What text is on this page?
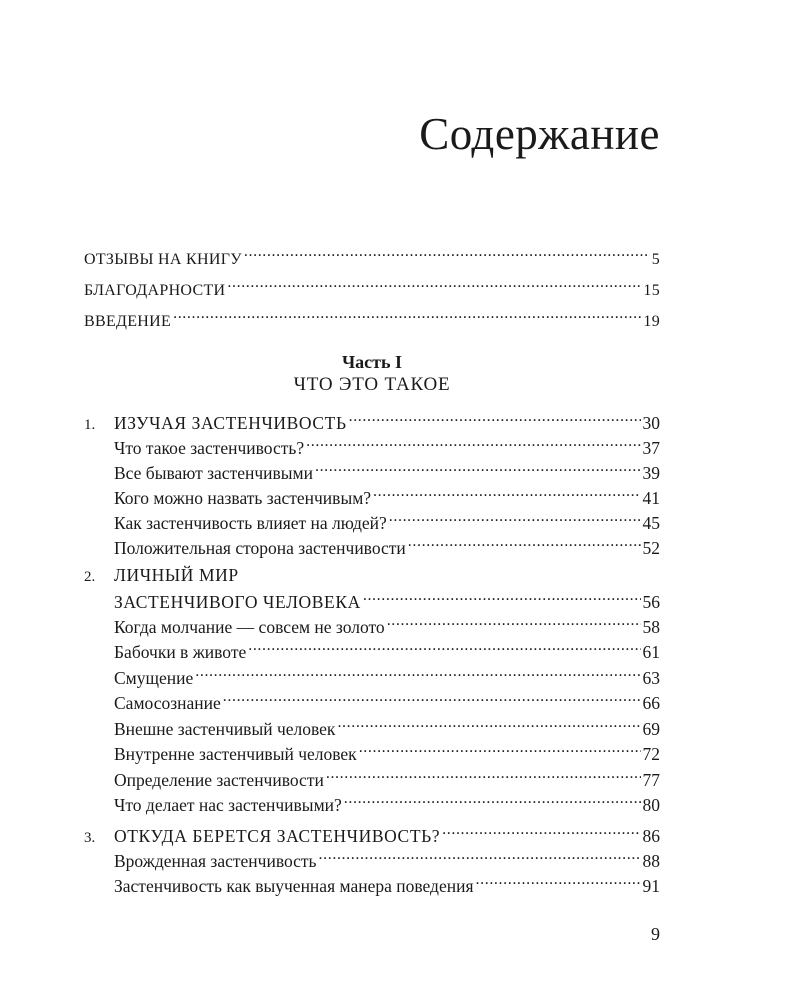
Содержание
ОТЗЫВЫ НА КНИГУ .....	5
БЛАГОДАРНОСТИ .....	15
ВВЕДЕНИЕ .....	19
Часть I
ЧТО ЭТО ТАКОЕ
1.	ИЗУЧАЯ ЗАСТЕНЧИВОСТЬ .....	30
Что такое застенчивость? .....	37
Все бывают застенчивыми .....	39
Кого можно назвать застенчивым? .....	41
Как застенчивость влияет на людей? .....	45
Положительная сторона застенчивости .....	52
2.	ЛИЧНЫЙ МИР
ЗАСТЕНЧИВОГО ЧЕЛОВЕКА .....	56
Когда молчание — совсем не золото .....	58
Бабочки в животе .....	61
Смущение .....	63
Самосознание .....	66
Внешне застенчивый человек .....	69
Внутренне застенчивый человек .....	72
Определение застенчивости .....	77
Что делает нас застенчивыми? .....	80
3.	ОТКУДА БЕРЕТСЯ ЗАСТЕНЧИВОСТЬ? .....	86
Врожденная застенчивость .....	88
Застенчивость как выученная манера поведения .....	91
9
